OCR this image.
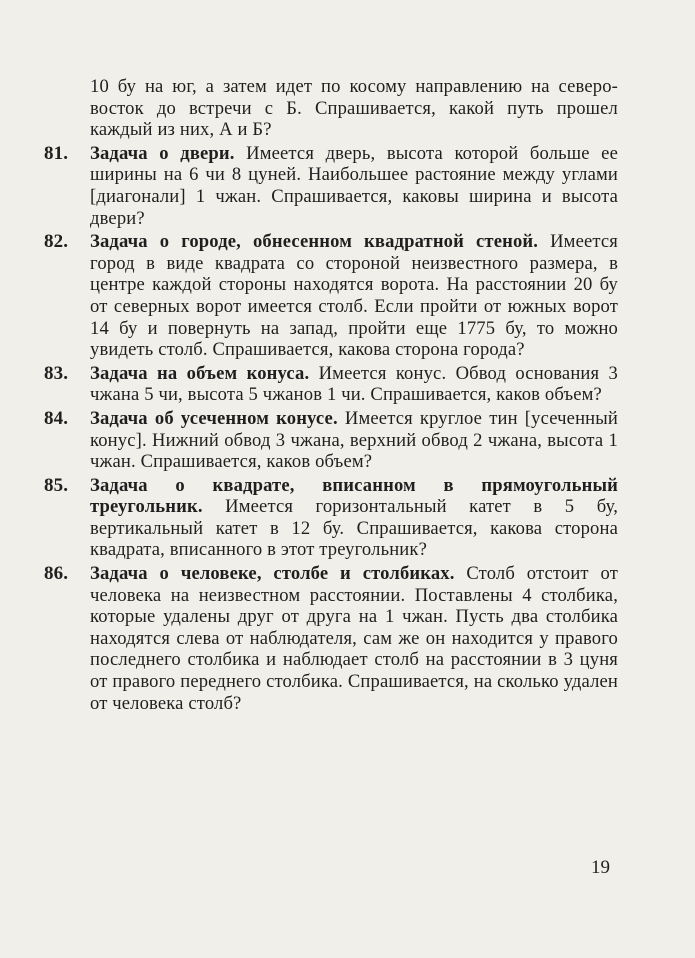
10 бу на юг, а затем идет по косому направлению на северо-восток до встречи с Б. Спрашивается, какой путь прошел каждый из них, А и Б?
81.	Задача о двери. Имеется дверь, высота которой больше ее ширины на 6 чи 8 цуней. Наибольшее растояние между углами [диагонали] 1 чжан. Спрашивается, каковы ширина и высота двери?
82.	Задача о городе, обнесенном квадратной стеной. Имеется город в виде квадрата со стороной неизвестного размера, в центре каждой стороны находятся ворота. На расстоянии 20 бу от северных ворот имеется столб. Если пройти от южных ворот 14 бу и повернуть на запад, пройти еще 1775 бу, то можно увидеть столб. Спрашивается, какова сторона города?
83.	Задача на объем конуса. Имеется конус. Обвод основания 3 чжана 5 чи, высота 5 чжанов 1 чи. Спрашивается, каков объем?
84.	Задача об усеченном конусе. Имеется круглое тин [усеченный конус]. Нижний обвод 3 чжана, верхний обвод 2 чжана, высота 1 чжан. Спрашивается, каков объем?
85.	Задача о квадрате, вписанном в прямоугольный треугольник. Имеется горизонтальный катет в 5 бу, вертикальный катет в 12 бу. Спрашивается, какова сторона квадрата, вписанного в этот треугольник?
86.	Задача о человеке, столбе и столбиках. Столб отстоит от человека на неизвестном расстоянии. Поставлены 4 столбика, которые удалены друг от друга на 1 чжан. Пусть два столбика находятся слева от наблюдателя, сам же он находится у правого последнего столбика и наблюдает столб на расстоянии в 3 цуня от правого переднего столбика. Спрашивается, на сколько удален от человека столб?
19
